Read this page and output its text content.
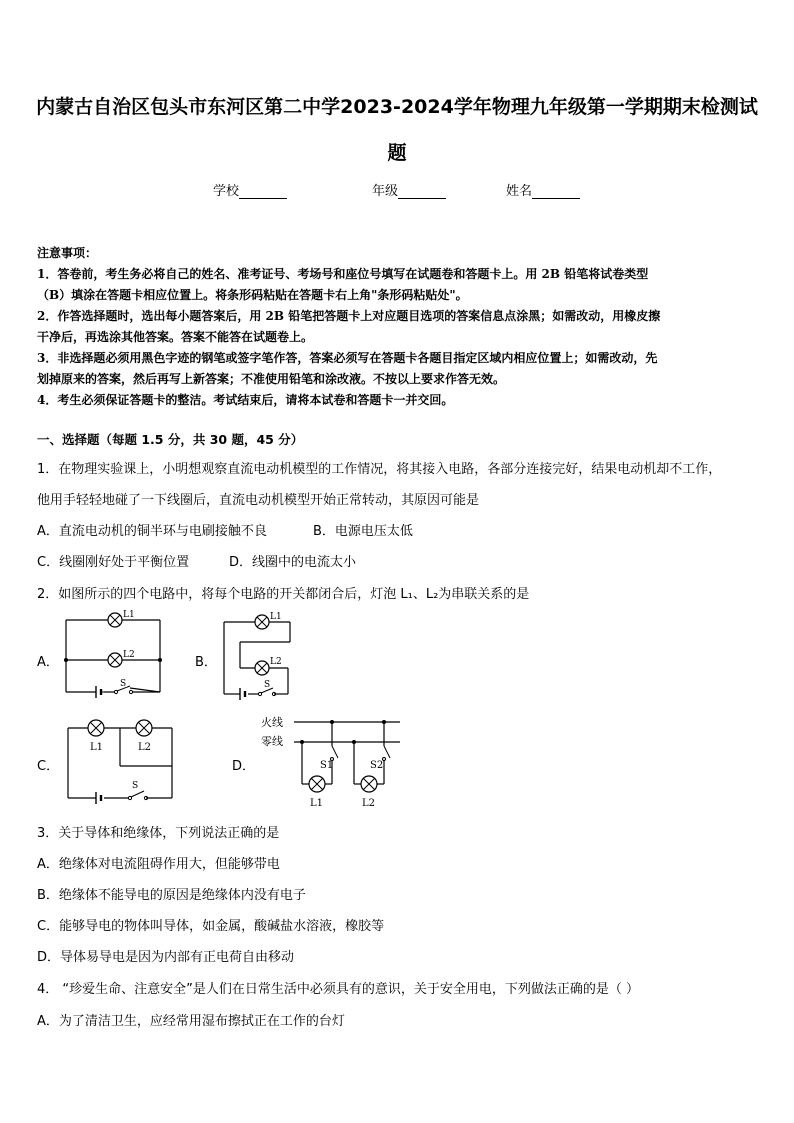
内蒙古自治区包头市东河区第二中学2023-2024学年物理九年级第一学期期末检测试
题
学校	年级	姓名

注意事项：

1．答卷前，考生务必将自己的姓名、准考证号、考场号和座位号填写在试题卷和答题卡上。用 2B 铅笔将试卷类型

（B）填涂在答题卡相应位置上。将条形码粘贴在答题卡右上角"条形码粘贴处"。

2．作答选择题时，选出每小题答案后，用 2B 铅笔把答题卡上对应题目选项的答案信息点涂黑；如需改动，用橡皮擦

干净后，再选涂其他答案。答案不能答在试题卷上。

3．非选择题必须用黑色字迹的钢笔或签字笔作答，答案必须写在答题卡各题目指定区域内相应位置上；如需改动，先

划掉原来的答案，然后再写上新答案；不准使用铅笔和涂改液。不按以上要求作答无效。

4．考生必须保证答题卡的整洁。考试结束后，请将本试卷和答题卡一并交回。

一、选择题（每题 1.5 分，共 30 题，45 分）
1．在物理实验课上，小明想观察直流电动机模型的工作情况，将其接入电路，各部分连接完好，结果电动机却不工作，
他用手轻轻地碰了一下线圈后，直流电动机模型开始正常转动，其原因可能是
A．直流电动机的铜半环与电刷接触不良	B．电源电压太低
C．线圈刚好处于平衡位置	D．线圈中的电流太小
2．如图所示的四个电路中，将每个电路的开关都闭合后，灯泡 L₁、L₂为串联关系的是
A．
L1
L2
S
B．
L1
L2
S
C．
L1	L2
S
D．
火线
零线
S1	S2
L1	L2
3．关于导体和绝缘体，下列说法正确的是
A．绝缘体对电流阻碍作用大，但能够带电
B．绝缘体不能导电的原因是绝缘体内没有电子
C．能够导电的物体叫导体，如金属，酸碱盐水溶液，橡胶等
D．导体易导电是因为内部有正电荷自由移动
4． “珍爱生命、注意安全”是人们在日常生活中必须具有的意识，关于安全用电，下列做法正确的是（ ）
A．为了清洁卫生，应经常用湿布擦拭正在工作的台灯
